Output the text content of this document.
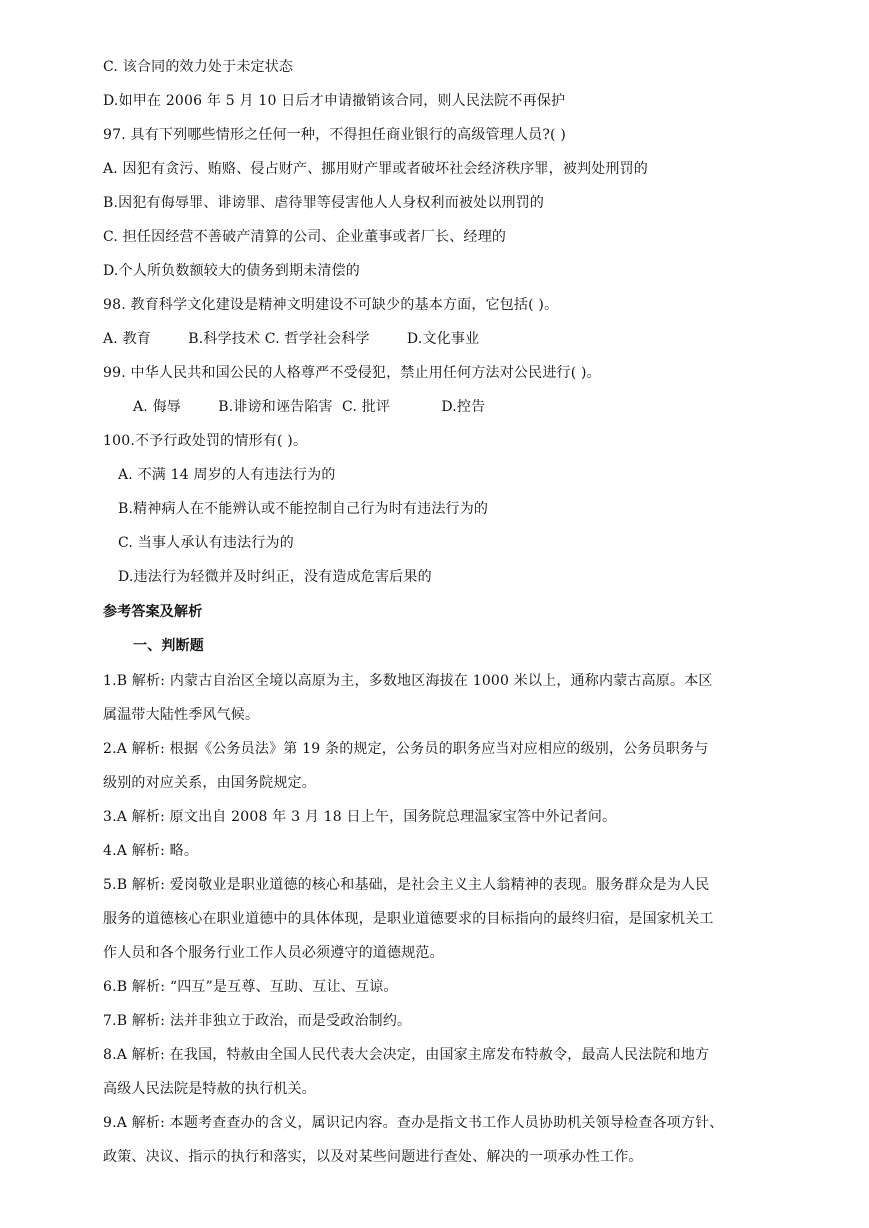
C. 该合同的效力处于未定状态
D.如甲在 2006 年 5 月 10 日后才申请撤销该合同，则人民法院不再保护
97. 具有下列哪些情形之任何一种，不得担任商业银行的高级管理人员?( )
A. 因犯有贪污、贿赂、侵占财产、挪用财产罪或者破坏社会经济秩序罪，被判处刑罚的
B.因犯有侮辱罪、诽谤罪、虐待罪等侵害他人人身权利而被处以刑罚的
C. 担任因经营不善破产清算的公司、企业董事或者厂长、经理的
D.个人所负数额较大的债务到期未清偿的
98. 教育科学文化建设是精神文明建设不可缺少的基本方面，它包括( )。
A. 教育        B.科学技术 C. 哲学社会科学        D.文化事业
99. 中华人民共和国公民的人格尊严不受侵犯，禁止用任何方法对公民进行( )。
A. 侮辱        B.诽谤和诬告陷害  C. 批评           D.控告
100.不予行政处罚的情形有( )。
A. 不满 14 周岁的人有违法行为的
B.精神病人在不能辨认或不能控制自己行为时有违法行为的
C. 当事人承认有违法行为的
D.违法行为轻微并及时纠正，没有造成危害后果的
参考答案及解析
一、判断题
1.B 解析: 内蒙古自治区全境以高原为主，多数地区海拔在 1000 米以上，通称内蒙古高原。本区
属温带大陆性季风气候。
2.A 解析: 根据《公务员法》第 19 条的规定，公务员的职务应当对应相应的级别，公务员职务与
级别的对应关系，由国务院规定。
3.A 解析: 原文出自 2008 年 3 月 18 日上午，国务院总理温家宝答中外记者问。
4.A 解析: 略。
5.B 解析: 爱岗敬业是职业道德的核心和基础，是社会主义主人翁精神的表现。服务群众是为人民
服务的道德核心在职业道德中的具体体现，是职业道德要求的目标指向的最终归宿，是国家机关工
作人员和各个服务行业工作人员必须遵守的道德规范。
6.B 解析: “四互”是互尊、互助、互让、互谅。
7.B 解析: 法并非独立于政治，而是受政治制约。
8.A 解析: 在我国，特赦由全国人民代表大会决定，由国家主席发布特赦令，最高人民法院和地方
高级人民法院是特赦的执行机关。
9.A 解析: 本题考查查办的含义，属识记内容。查办是指文书工作人员协助机关领导检查各项方针、
政策、决议、指示的执行和落实，以及对某些问题进行查处、解决的一项承办性工作。
